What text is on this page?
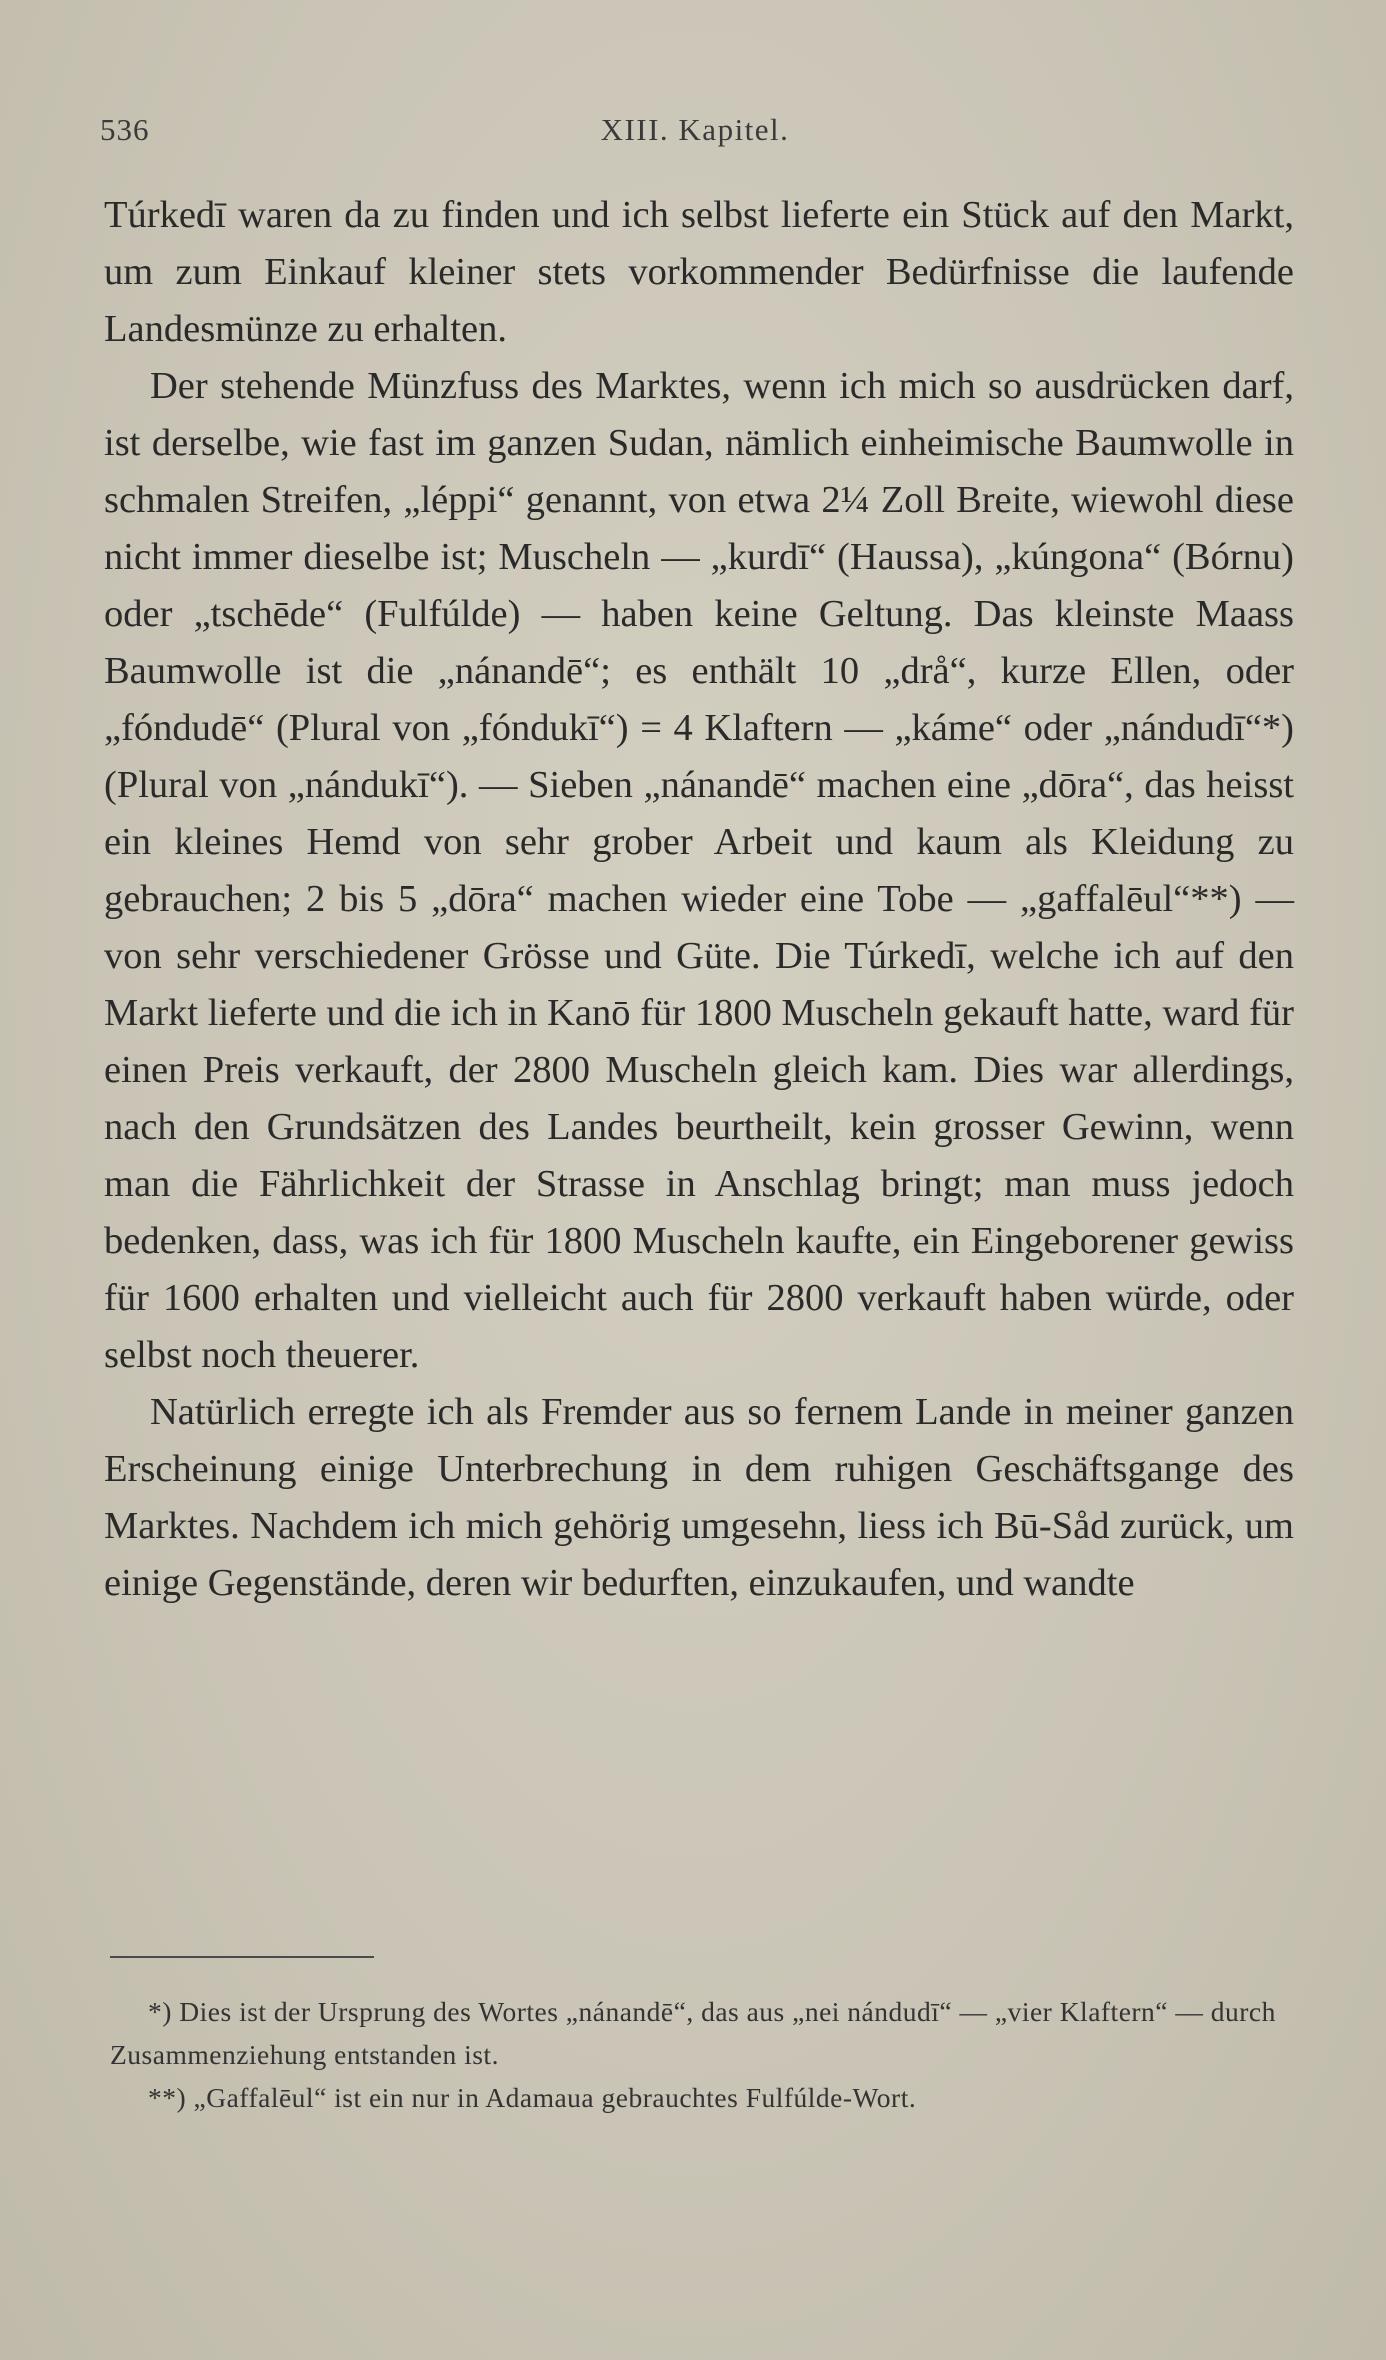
536	XIII. Kapitel.

Túrkedī waren da zu finden und ich selbst lieferte ein Stück auf den Markt, um zum Einkauf kleiner stets vorkommender Bedürfnisse die laufende Landesmünze zu erhalten.

Der stehende Münzfuss des Marktes, wenn ich mich so ausdrücken darf, ist derselbe, wie fast im ganzen Sudan, nämlich einheimische Baumwolle in schmalen Streifen, „léppi“ genannt, von etwa 2¼ Zoll Breite, wiewohl diese nicht immer dieselbe ist; Muscheln — „kurdī“ (Haussa), „kúngona“ (Bórnu) oder „tschēde“ (Fulfúlde) — haben keine Geltung. Das kleinste Maass Baumwolle ist die „nánandē“; es enthält 10 „drå“, kurze Ellen, oder „fóndudē“ (Plural von „fóndukī“) = 4 Klaftern — „káme“ oder „nándudī“*) (Plural von „nándukī“). — Sieben „nánandē“ machen eine „dōra“, das heisst ein kleines Hemd von sehr grober Arbeit und kaum als Kleidung zu gebrauchen; 2 bis 5 „dōra“ machen wieder eine Tobe — „gaffalēul“**) — von sehr verschiedener Grösse und Güte. Die Túrkedī, welche ich auf den Markt lieferte und die ich in Kanō für 1800 Muscheln gekauft hatte, ward für einen Preis verkauft, der 2800 Muscheln gleich kam. Dies war allerdings, nach den Grundsätzen des Landes beurtheilt, kein grosser Gewinn, wenn man die Fährlichkeit der Strasse in Anschlag bringt; man muss jedoch bedenken, dass, was ich für 1800 Muscheln kaufte, ein Eingeborener gewiss für 1600 erhalten und vielleicht auch für 2800 verkauft haben würde, oder selbst noch theuerer.

Natürlich erregte ich als Fremder aus so fernem Lande in meiner ganzen Erscheinung einige Unterbrechung in dem ruhigen Geschäftsgange des Marktes. Nachdem ich mich gehörig umgesehn, liess ich Bū-Såd zurück, um einige Gegenstände, deren wir bedurften, einzukaufen, und wandte

*) Dies ist der Ursprung des Wortes „nánandē“, das aus „nei nándudī“ — „vier Klaftern“ — durch Zusammenziehung entstanden ist.

**) „Gaffalēul“ ist ein nur in Adamaua gebrauchtes Fulfúlde-Wort.
